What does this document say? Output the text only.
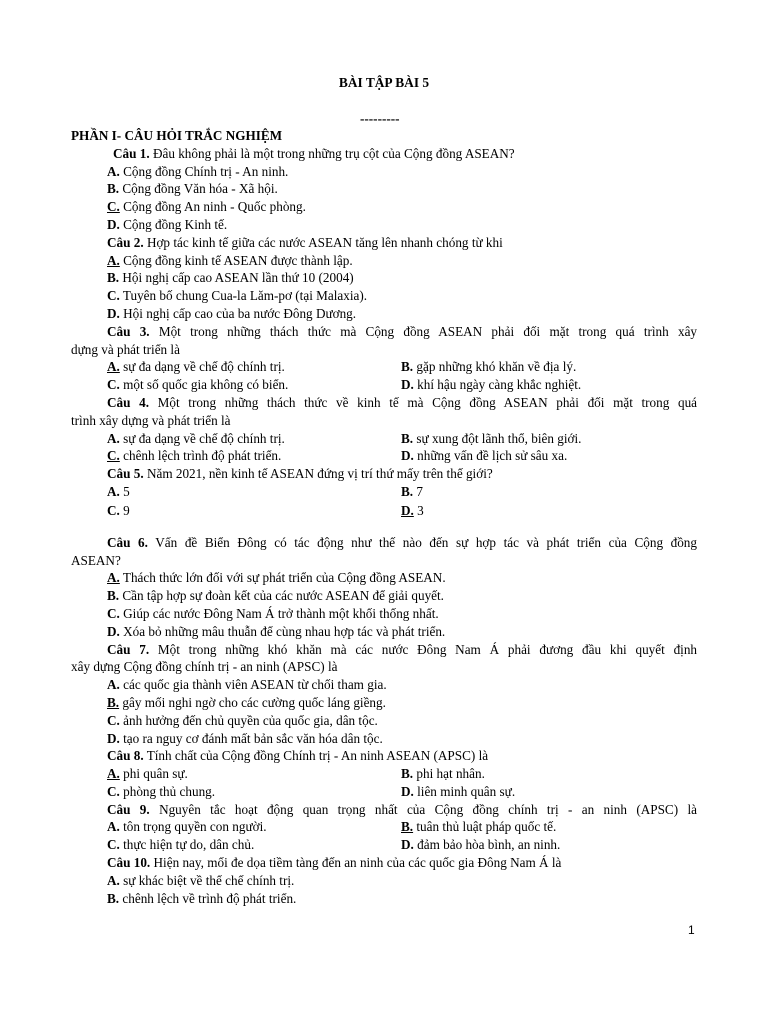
BÀI TẬP BÀI 5
---------
PHẦN I- CÂU HỎI TRẮC NGHIỆM
Câu 1. Đâu không phải là một trong những trụ cột của Cộng đồng ASEAN?
A. Cộng đồng Chính trị - An ninh.
B. Cộng đồng Văn hóa - Xã hội.
C. Cộng đồng An ninh - Quốc phòng.
D. Cộng đồng Kinh tế.
Câu 2. Hợp tác kinh tế giữa các nước ASEAN tăng lên nhanh chóng từ khi
A. Cộng đồng kinh tế ASEAN được thành lập.
B. Hội nghị cấp cao ASEAN lần thứ 10 (2004)
C. Tuyên bố chung Cua-la Lăm-pơ (tại Malaxia).
D. Hội nghị cấp cao của ba nước Đông Dương.
Câu 3. Một trong những thách thức mà Cộng đồng ASEAN phải đối mặt trong quá trình xây
dựng và phát triển là
A. sự đa dạng về chế độ chính trị.	B. gặp những khó khăn về địa lý.
C. một số quốc gia không có biển.	D. khí hậu ngày càng khắc nghiệt.
Câu 4. Một trong những thách thức về kinh tế mà Cộng đồng ASEAN phải đối mặt trong quá
trình xây dựng và phát triển là
A. sự đa dạng về chế độ chính trị.	B. sự xung đột lãnh thổ, biên giới.
C. chênh lệch trình độ phát triển.	D. những vấn đề lịch sử sâu xa.
Câu 5. Năm 2021, nền kinh tế ASEAN đứng vị trí thứ mấy trên thế giới?
A. 5	B. 7
C. 9	D. 3
Câu 6. Vấn đề Biển Đông có tác động như thế nào đến sự hợp tác và phát triển của Cộng đồng
ASEAN?
A. Thách thức lớn đối với sự phát triển của Cộng đồng ASEAN.
B. Cần tập hợp sự đoàn kết của các nước ASEAN để giải quyết.
C. Giúp các nước Đông Nam Á trở thành một khối thống nhất.
D. Xóa bỏ những mâu thuẫn để cùng nhau hợp tác và phát triển.
Câu 7. Một trong những khó khăn mà các nước Đông Nam Á phải đương đầu khi quyết định
xây dựng Cộng đồng chính trị - an ninh (APSC) là
A. các quốc gia thành viên ASEAN từ chối tham gia.
B. gây mối nghi ngờ cho các cường quốc láng giềng.
C. ảnh hưởng đến chủ quyền của quốc gia, dân tộc.
D. tạo ra nguy cơ đánh mất bản sắc văn hóa dân tộc.
Câu 8. Tính chất của Cộng đồng Chính trị - An ninh ASEAN (APSC) là
A. phi quân sự.	B. phi hạt nhân.
C. phòng thủ chung.	D. liên minh quân sự.
Câu 9. Nguyên tắc hoạt động quan trọng nhất của Cộng đồng chính trị - an ninh (APSC) là
A. tôn trọng quyền con người.	B. tuân thủ luật pháp quốc tế.
C. thực hiện tự do, dân chủ.	D. đảm bảo hòa bình, an ninh.
Câu 10. Hiện nay, mối đe dọa tiềm tàng đến an ninh của các quốc gia Đông Nam Á là
A. sự khác biệt về thể chế chính trị.
B. chênh lệch về trình độ phát triển.
1
